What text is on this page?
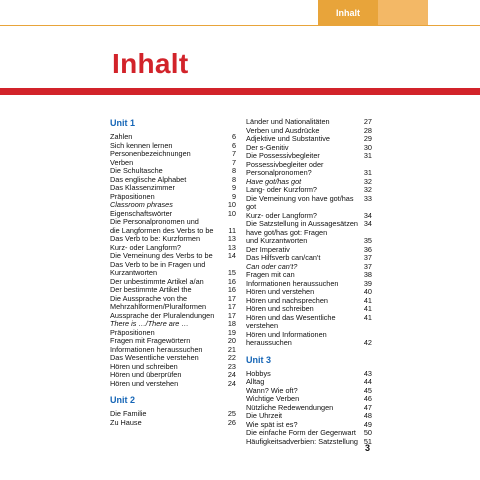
Inhalt
Inhalt
Unit 1
Zahlen	6
Sich kennen lernen	6
Personenbezeichnungen	7
Verben	7
Die Schultasche	8
Das englische Alphabet	8
Das Klassenzimmer	9
Präpositionen	9
Classroom phrases	10
Eigenschaftswörter	10
Die Personalpronomen und
die Langformen des Verbs to be	11
Das Verb to be: Kurzformen	13
Kurz- oder Langform?	13
Die Verneinung des Verbs to be	14
Das Verb to be in Fragen und
Kurzantworten	15
Der unbestimmte Artikel a/an	16
Der bestimmte Artikel the	16
Die Aussprache von the	17
Mehrzahlformen/Pluralformen	17
Aussprache der Pluralendungen	17
There is …/There are …	18
Präpositionen	19
Fragen mit Fragewörtern	20
Informationen heraussuchen	21
Das Wesentliche verstehen	22
Hören und schreiben	23
Hören und überprüfen	24
Hören und verstehen	24
Unit 2
Die Familie	25
Zu Hause	26
Länder und Nationalitäten	27
Verben und Ausdrücke	28
Adjektive und Substantive	29
Der s-Genitiv	30
Die Possessivbegleiter	31
Possessivbegleiter oder
Personalpronomen?	31
Have got/has got	32
Lang- oder Kurzform?	32
Die Verneinung von have got/has got
33
Kurz- oder Langform?	34
Die Satzstellung in Aussagesätzen 34
have got/has got: Fragen
und Kurzantworten	35
Der Imperativ	36
Das Hilfsverb can/can't	37
Can oder can't?	37
Fragen mit can	38
Informationen heraussuchen	39
Hören und verstehen	40
Hören und nachsprechen	41
Hören und schreiben	41
Hören und das Wesentliche verstehen
41
Hören und Informationen
heraussuchen	42
Unit 3
Hobbys	43
Alltag	44
Wann? Wie oft?	45
Wichtige Verben	46
Nützliche Redewendungen	47
Die Uhrzeit	48
Wie spät ist es?	49
Die einfache Form der Gegenwart	50
Häufigkeitsadverbien: Satzstellung 51
3
